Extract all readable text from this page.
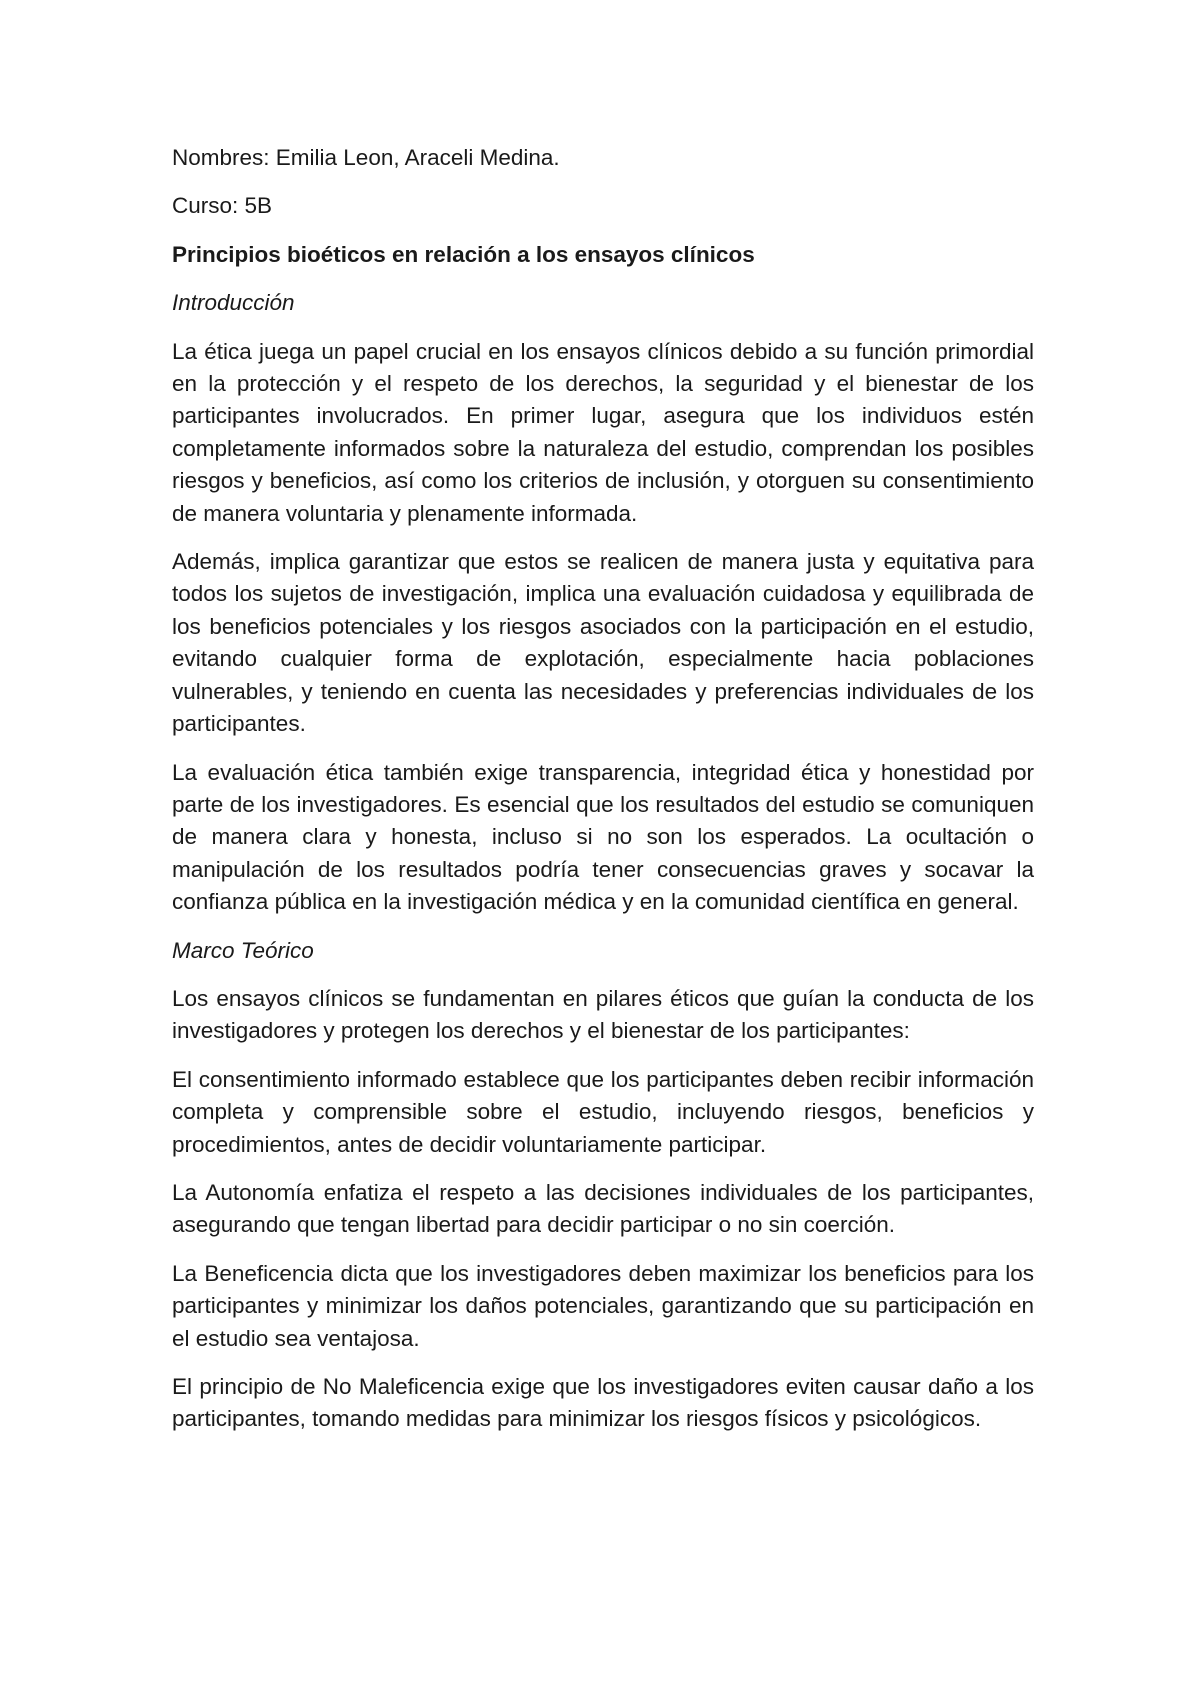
Nombres: Emilia Leon, Araceli Medina.
Curso: 5B
Principios bioéticos en relación a los ensayos clínicos
Introducción

La ética juega un papel crucial en los ensayos clínicos debido a su función primordial en la protección y el respeto de los derechos, la seguridad y el bienestar de los participantes involucrados. En primer lugar, asegura que los individuos estén completamente informados sobre la naturaleza del estudio, comprendan los posibles riesgos y beneficios, así como los criterios de inclusión, y otorguen su consentimiento de manera voluntaria y plenamente informada.

Además, implica garantizar que estos se realicen de manera justa y equitativa para todos los sujetos de investigación, implica una evaluación cuidadosa y equilibrada de los beneficios potenciales y los riesgos asociados con la participación en el estudio, evitando cualquier forma de explotación, especialmente hacia poblaciones vulnerables, y teniendo en cuenta las necesidades y preferencias individuales de los participantes.

La evaluación ética también exige transparencia, integridad ética y honestidad por parte de los investigadores. Es esencial que los resultados del estudio se comuniquen de manera clara y honesta, incluso si no son los esperados. La ocultación o manipulación de los resultados podría tener consecuencias graves y socavar la confianza pública en la investigación médica y en la comunidad científica en general.

Marco Teórico

Los ensayos clínicos se fundamentan en pilares éticos que guían la conducta de los investigadores y protegen los derechos y el bienestar de los participantes:

El consentimiento informado establece que los participantes deben recibir información completa y comprensible sobre el estudio, incluyendo riesgos, beneficios y procedimientos, antes de decidir voluntariamente participar.

La Autonomía enfatiza el respeto a las decisiones individuales de los participantes, asegurando que tengan libertad para decidir participar o no sin coerción.

La Beneficencia dicta que los investigadores deben maximizar los beneficios para los participantes y minimizar los daños potenciales, garantizando que su participación en el estudio sea ventajosa.

El principio de No Maleficencia exige que los investigadores eviten causar daño a los participantes, tomando medidas para minimizar los riesgos físicos y psicológicos.
